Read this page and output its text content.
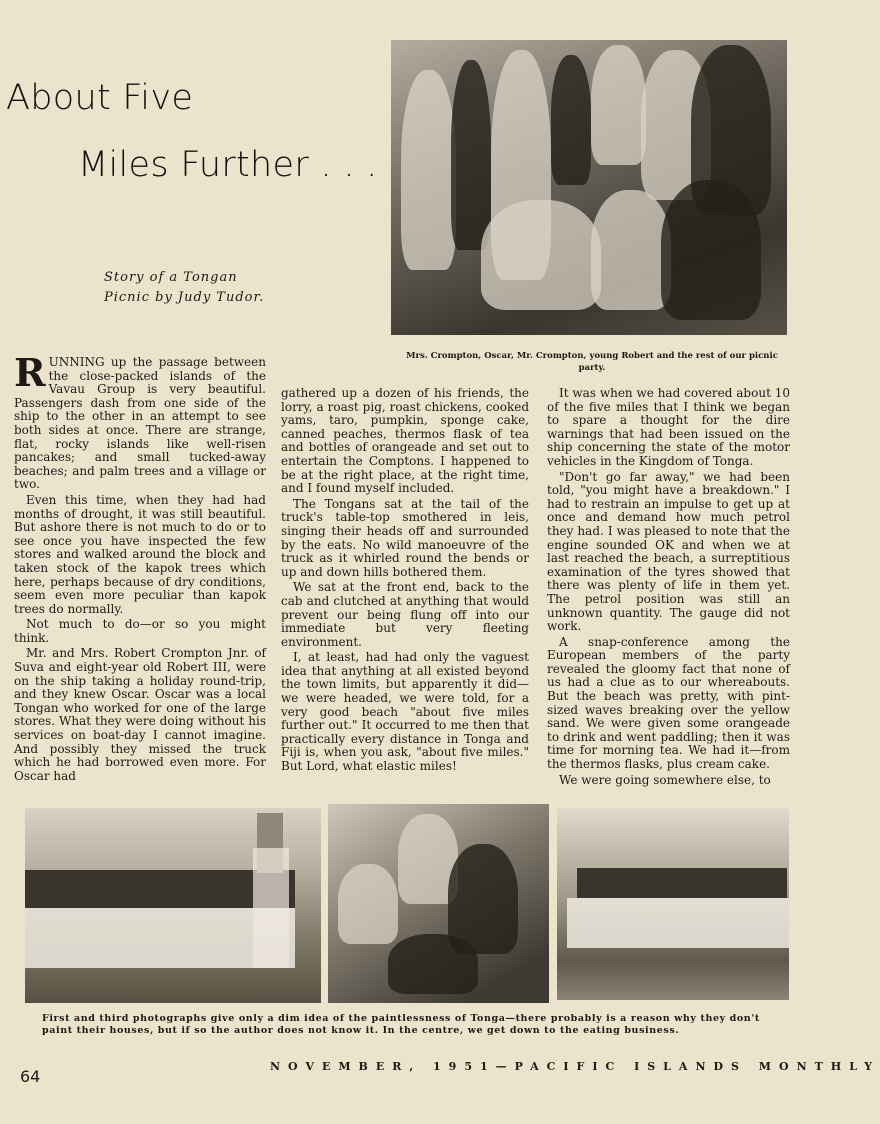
About Five
Miles Further . . .
Story of a Tongan Picnic by Judy Tudor.
Mrs. Crompton, Oscar, Mr. Crompton, young Robert and the rest of our picnic party.

RUNNING up the passage between the close-packed islands of the Vavau Group is very beautiful. Passengers dash from one side of the ship to the other in an attempt to see both sides at once. There are strange, flat, rocky islands like well-risen pancakes; and small tucked-away beaches; and palm trees and a village or two.

Even this time, when they had had months of drought, it was still beautiful. But ashore there is not much to do or to see once you have inspected the few stores and walked around the block and taken stock of the kapok trees which here, perhaps because of dry conditions, seem even more peculiar than kapok trees do normally.

Not much to do—or so you might think.

Mr. and Mrs. Robert Crompton Jnr. of Suva and eight-year old Robert III, were on the ship taking a holiday round-trip, and they knew Oscar. Oscar was a local Tongan who worked for one of the large stores. What they were doing without his services on boat-day I cannot imagine. And possibly they missed the truck which he had borrowed even more. For Oscar had

gathered up a dozen of his friends, the lorry, a roast pig, roast chickens, cooked yams, taro, pumpkin, sponge cake, canned peaches, thermos flask of tea and bottles of orangeade and set out to entertain the Comptons. I happened to be at the right place, at the right time, and I found myself included.

The Tongans sat at the tail of the truck's table-top smothered in leis, singing their heads off and surrounded by the eats. No wild manoeuvre of the truck as it whirled round the bends or up and down hills bothered them.

We sat at the front end, back to the cab and clutched at anything that would prevent our being flung off into our immediate but very fleeting environment.

I, at least, had had only the vaguest idea that anything at all existed beyond the town limits, but apparently it did—we were headed, we were told, for a very good beach "about five miles further out." It occurred to me then that practically every distance in Tonga and Fiji is, when you ask, "about five miles." But Lord, what elastic miles!

It was when we had covered about 10 of the five miles that I think we began to spare a thought for the dire warnings that had been issued on the ship concerning the state of the motor vehicles in the Kingdom of Tonga.

"Don't go far away," we had been told, "you might have a breakdown." I had to restrain an impulse to get up at once and demand how much petrol they had. I was pleased to note that the engine sounded OK and when we at last reached the beach, a surreptitious examination of the tyres showed that there was plenty of life in them yet. The petrol position was still an unknown quantity. The gauge did not work.

A snap-conference among the European members of the party revealed the gloomy fact that none of us had a clue as to our whereabouts. But the beach was pretty, with pint-sized waves breaking over the yellow sand. We were given some orangeade to drink and went paddling; then it was time for morning tea. We had it—from the thermos flasks, plus cream cake.

We were going somewhere else, to

First and third photographs give only a dim idea of the paintlessness of Tonga—there probably is a reason why they don't paint their houses, but if so the author does not know it. In the centre, we get down to the eating business.
64
NOVEMBER, 1951—PACIFIC ISLANDS MONTHLY
